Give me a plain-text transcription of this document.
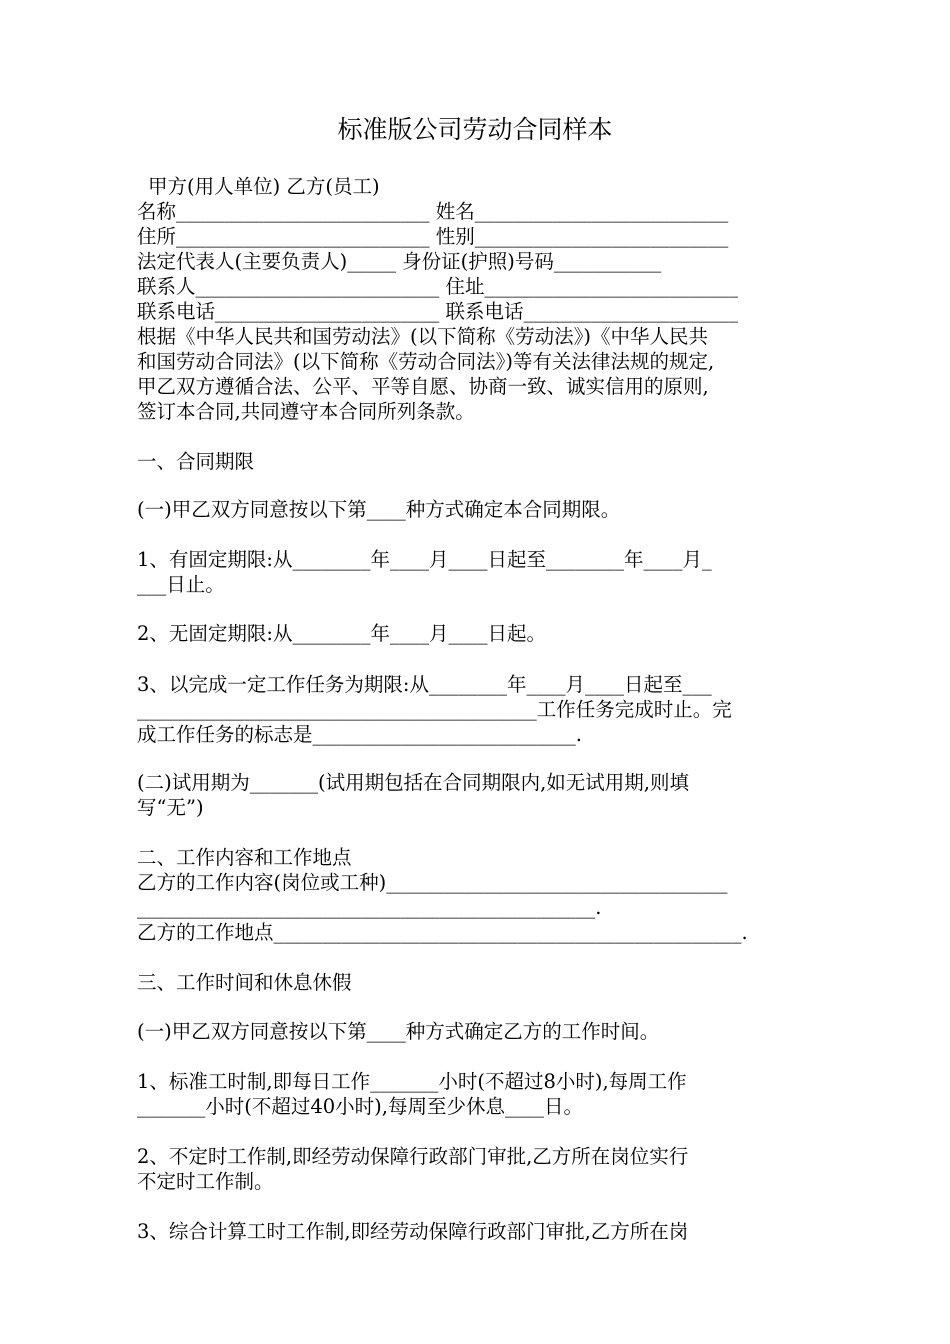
标准版公司劳动合同样本
甲方(用人单位) 乙方(员工)
名称__________________________ 姓名__________________________
住所__________________________ 性别__________________________
法定代表人(主要负责人)_____ 身份证(护照)号码___________
联系人_________________________ 住址__________________________
联系电话_______________________ 联系电话______________________
根据《中华人民共和国劳动法》(以下简称《劳动法》)《中华人民共
和国劳动合同法》(以下简称《劳动合同法》)等有关法律法规的规定,
甲乙双方遵循合法、公平、平等自愿、协商一致、诚实信用的原则,
签订本合同,共同遵守本合同所列条款。
一、合同期限
(一)甲乙双方同意按以下第____种方式确定本合同期限。
1、有固定期限:从________年____月____日起至________年____月_
___日止。
2、无固定期限:从________年____月____日起。
3、以完成一定工作任务为期限:从________年____月____日起至___
_________________________________________工作任务完成时止。完
成工作任务的标志是___________________________.
(二)试用期为_______(试用期包括在合同期限内,如无试用期,则填
写“无”)
二、工作内容和工作地点
乙方的工作内容(岗位或工种)___________________________________
_______________________________________________.
乙方的工作地点________________________________________________.
三、工作时间和休息休假
(一)甲乙双方同意按以下第____种方式确定乙方的工作时间。
1、标准工时制,即每日工作_______小时(不超过8小时),每周工作
_______小时(不超过40小时),每周至少休息____日。
2、不定时工作制,即经劳动保障行政部门审批,乙方所在岗位实行
不定时工作制。
3、综合计算工时工作制,即经劳动保障行政部门审批,乙方所在岗
